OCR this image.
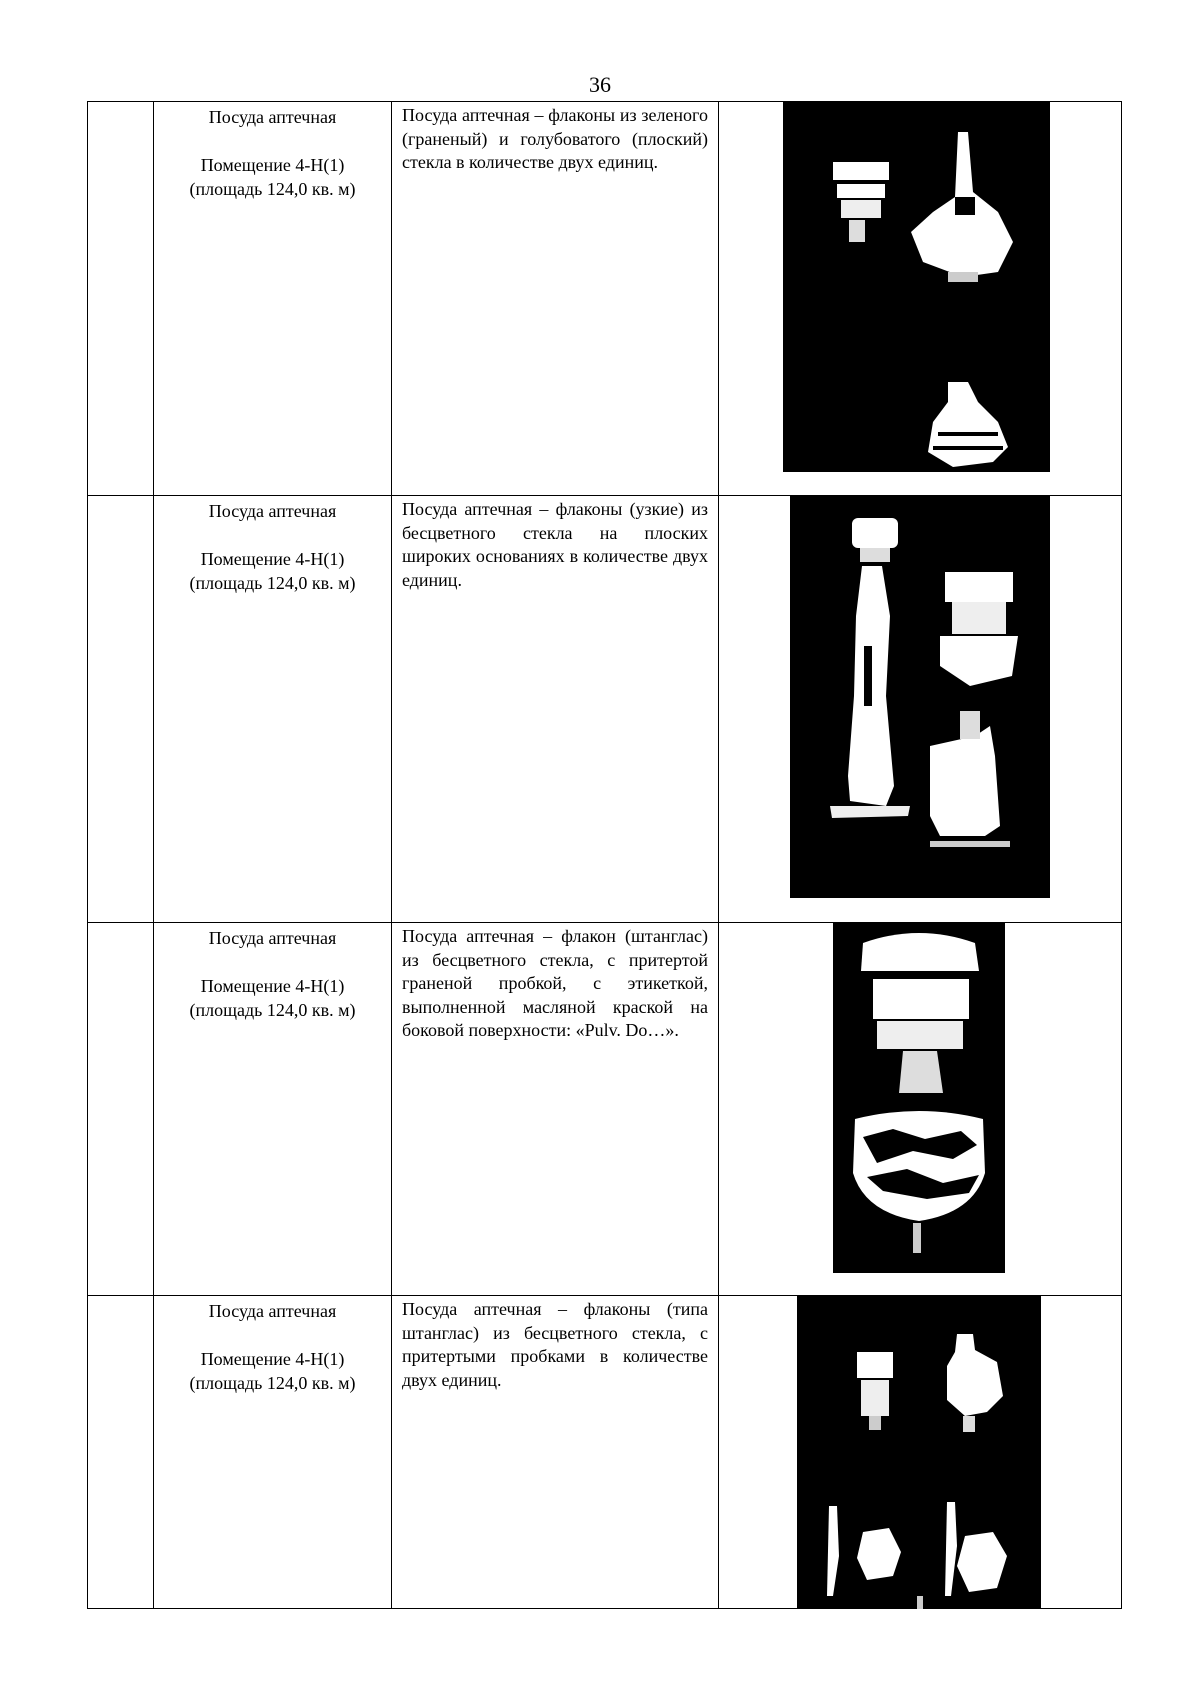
36

	Посуда аптечная
Помещение 4-Н(1)
(площадь 124,0 кв. м)	Посуда аптечная – флаконы из зеленого (граненый) и голубоватого (плоский) стекла в количестве двух единиц.	

	Посуда аптечная
Помещение 4-Н(1)
(площадь 124,0 кв. м)	Посуда аптечная – флаконы (узкие) из бесцветного стекла на плоских широких основаниях в количестве двух единиц.	

	Посуда аптечная
Помещение 4-Н(1)
(площадь 124,0 кв. м)	Посуда аптечная – флакон (штанглас) из бесцветного стекла, с притертой граненой пробкой, с этикеткой, выполненной масляной краской на боковой поверхности: «Pulv. Do…».	

	Посуда аптечная
Помещение 4-Н(1)
(площадь 124,0 кв. м)	Посуда аптечная – флаконы (типа штанглас) из бесцветного стекла, с притертыми пробками в количестве двух единиц.	
